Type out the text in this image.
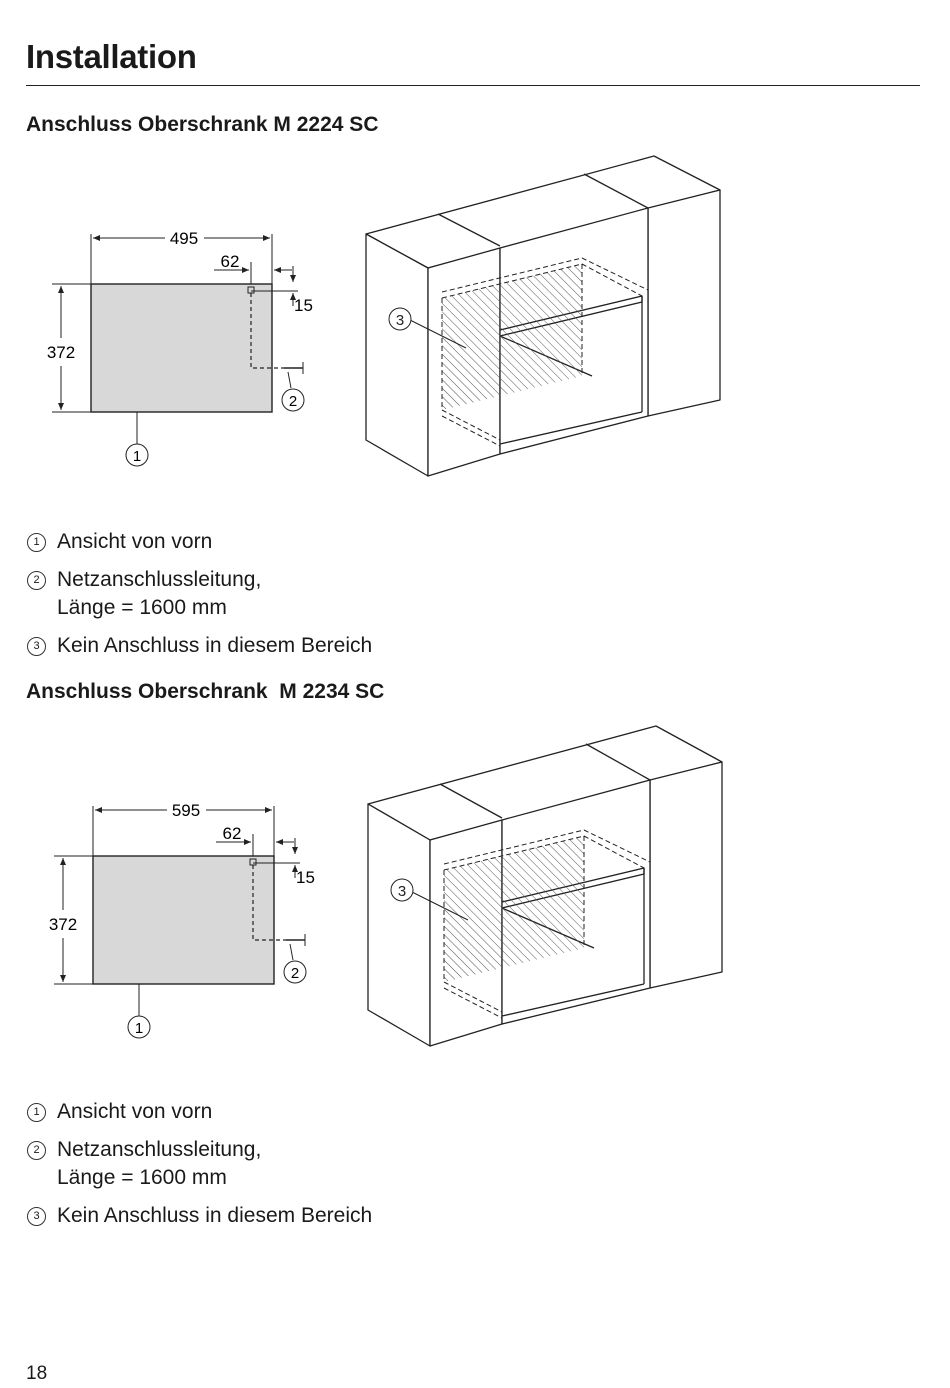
Installation
Anschluss Oberschrank M 2224 SC
495
62
15
372
2
1
3
1 Ansicht von vorn
2 Netzanschlussleitung,
Länge = 1600 mm
3 Kein Anschluss in diesem Bereich
Anschluss Oberschrank  M 2234 SC
595
62
15
372
2
1
3
1 Ansicht von vorn
2 Netzanschlussleitung,
Länge = 1600 mm
3 Kein Anschluss in diesem Bereich
18
